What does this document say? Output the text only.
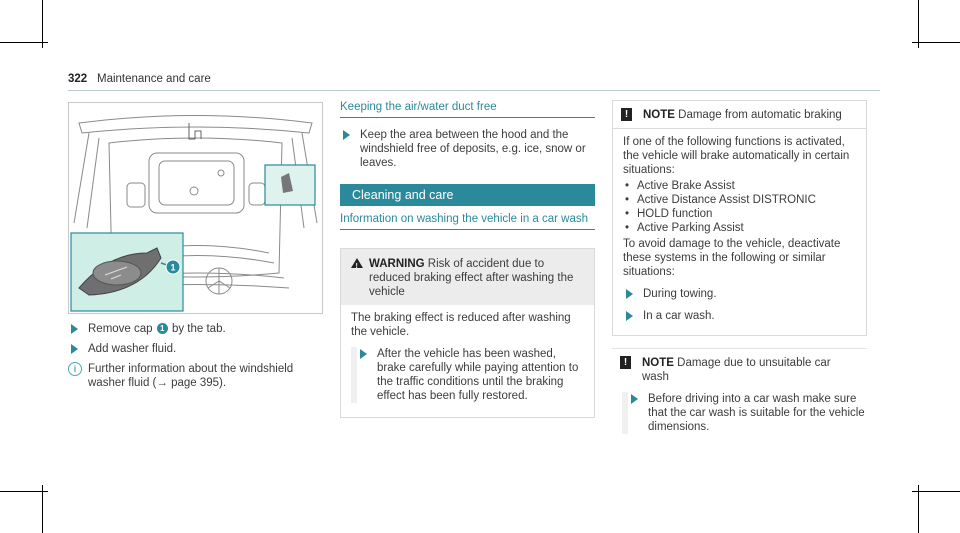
322 Maintenance and care
1
Remove cap 1 by the tab.
Add washer fluid.
i	Further information about the windshield washer fluid (→ page 395).
Keeping the air/water duct free
Keep the area between the hood and the windshield free of deposits, e.g. ice, snow or leaves.
Cleaning and care
Information on washing the vehicle in a car wash
! WARNING Risk of accident due to reduced braking effect after washing the vehicle
The braking effect is reduced after washing the vehicle.
After the vehicle has been washed, brake carefully while paying attention to the traffic conditions until the braking effect has been fully restored.
!	NOTE Damage from automatic braking
If one of the following functions is activated, the vehicle will brake automatically in certain situations:
• Active Brake Assist
• Active Distance Assist DISTRONIC
• HOLD function
• Active Parking Assist
To avoid damage to the vehicle, deactivate these systems in the following or similar situations:
During towing.
In a car wash.
!	NOTE Damage due to unsuitable car wash
Before driving into a car wash make sure that the car wash is suitable for the vehicle dimensions.
